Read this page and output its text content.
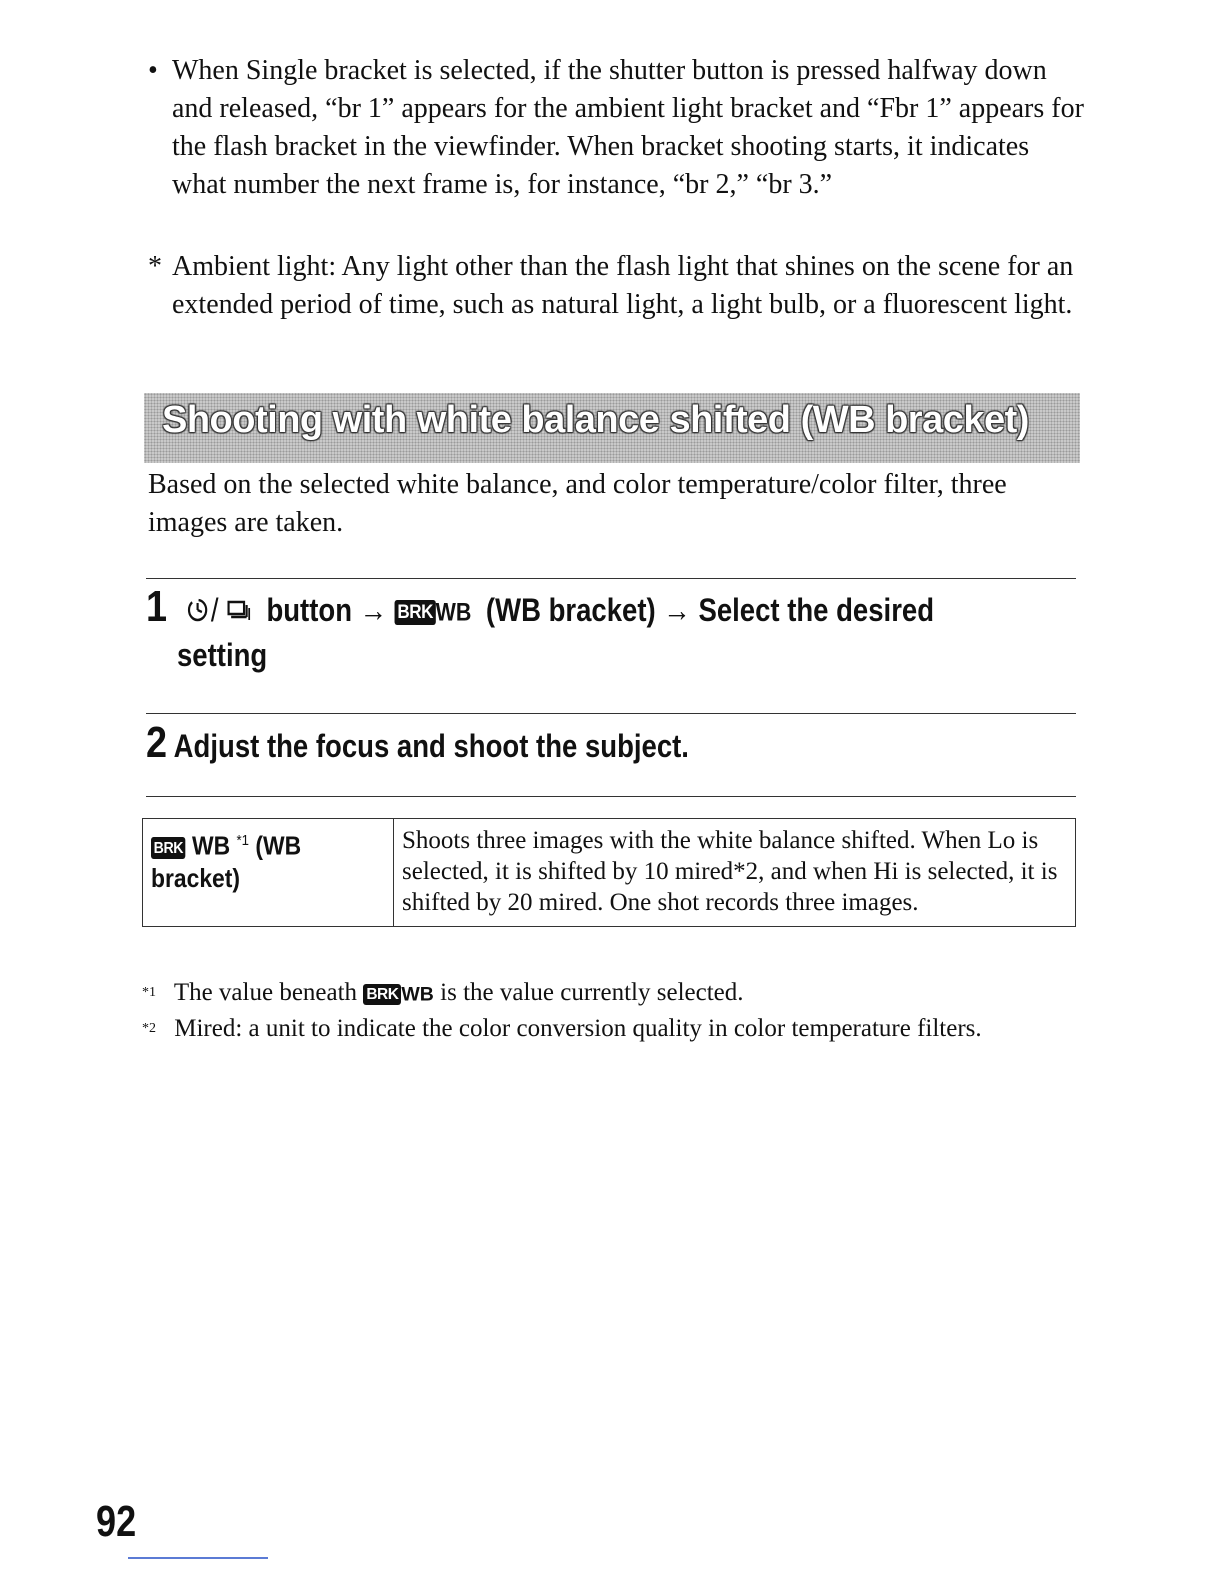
• When Single bracket is selected, if the shutter button is pressed halfway down and released, “br 1” appears for the ambient light bracket and “Fbr 1” appears for the flash bracket in the viewfinder. When bracket shooting starts, it indicates what number the next frame is, for instance, “br 2,” “br 3.”
* Ambient light: Any light other than the flash light that shines on the scene for an extended period of time, such as natural light, a light bulb, or a fluorescent light.
Shooting with white balance shifted (WB bracket)
Based on the selected white balance, and color temperature/color filter, three images are taken.
1 / button → BRK WB (WB bracket) → Select the desired
setting
2 Adjust the focus and shoot the subject.
BRK WB $^{*1}$ (WB
bracket)
	Shoots three images with the white balance shifted. When Lo is selected, it is shifted by 10 mired*2, and when Hi is selected, it is shifted by 20 mired. One shot records three images.
$^{*1}$ The value beneath BRK WB is the value currently selected.
$^{*2}$ Mired: a unit to indicate the color conversion quality in color temperature filters.
92
